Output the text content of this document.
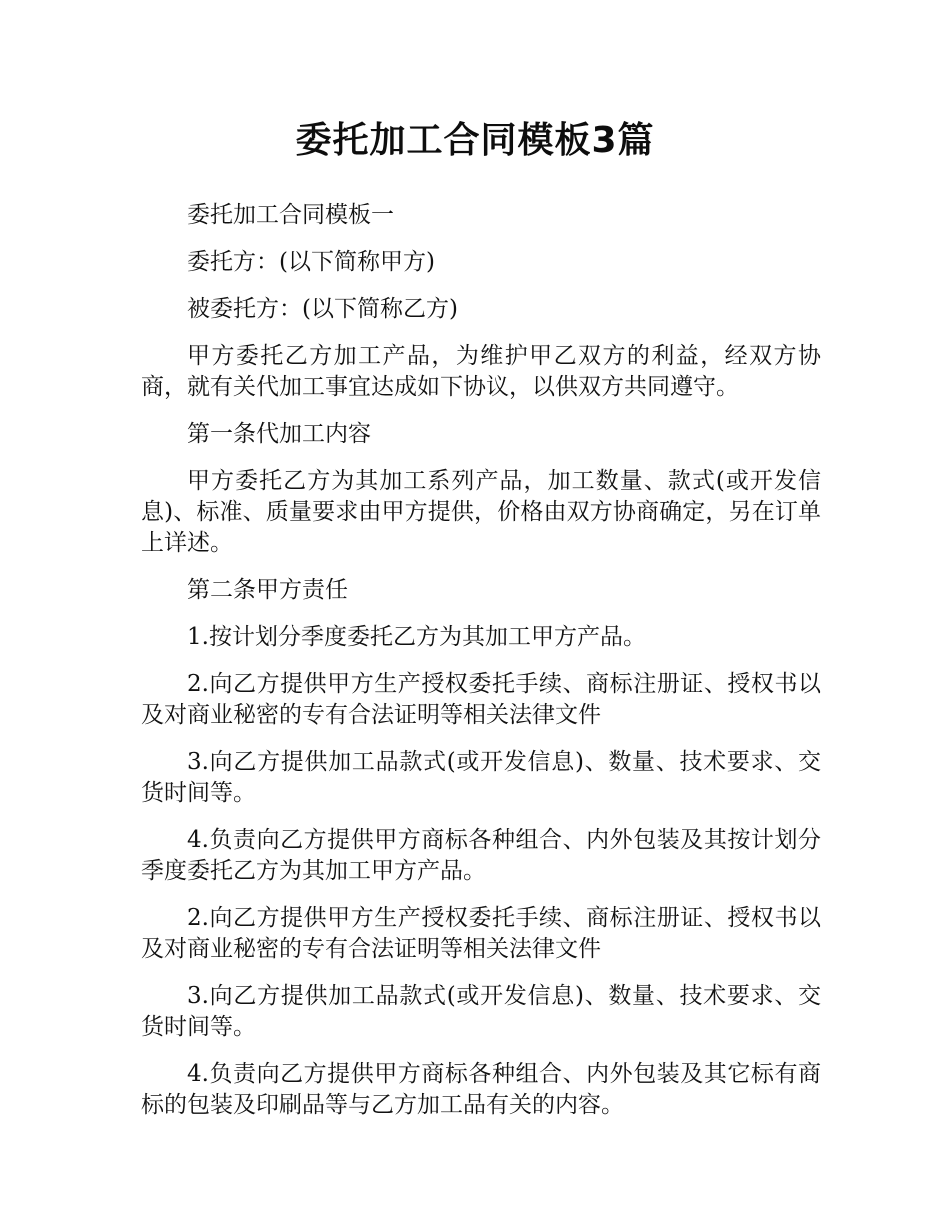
委托加工合同模板3篇

委托加工合同模板一

委托方：(以下简称甲方)

被委托方：(以下简称乙方)

甲方委托乙方加工产品，为维护甲乙双方的利益，经双方协商，就有关代加工事宜达成如下协议，以供双方共同遵守。

第一条代加工内容

甲方委托乙方为其加工系列产品，加工数量、款式(或开发信息)、标准、质量要求由甲方提供，价格由双方协商确定，另在订单上详述。

第二条甲方责任

1.按计划分季度委托乙方为其加工甲方产品。

2.向乙方提供甲方生产授权委托手续、商标注册证、授权书以及对商业秘密的专有合法证明等相关法律文件

3.向乙方提供加工品款式(或开发信息)、数量、技术要求、交货时间等。

4.负责向乙方提供甲方商标各种组合、内外包装及其按计划分季度委托乙方为其加工甲方产品。

2.向乙方提供甲方生产授权委托手续、商标注册证、授权书以及对商业秘密的专有合法证明等相关法律文件

3.向乙方提供加工品款式(或开发信息)、数量、技术要求、交货时间等。

4.负责向乙方提供甲方商标各种组合、内外包装及其它标有商标的包装及印刷品等与乙方加工品有关的内容。
